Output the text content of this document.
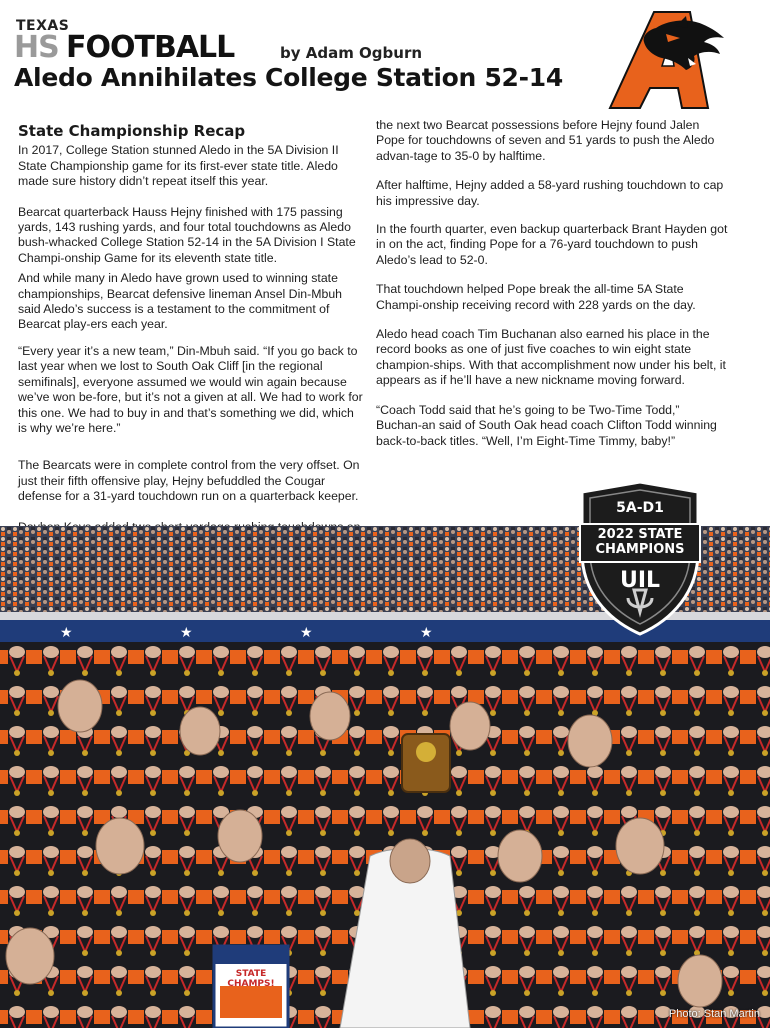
TEXAS
HS FOOTBALL	by Adam Ogburn
Aledo Annihilates College Station 52-14
State Championship Recap

In 2017, College Station stunned Aledo in the 5A Division II State Championship game for its first-ever state title. Aledo made sure history didn’t repeat itself this year.

Bearcat quarterback Hauss Hejny finished with 175 passing yards, 143 rushing yards, and four total touchdowns as Aledo bush-whacked College Station 52-14 in the 5A Division I State Champi-onship Game for its eleventh state title.

And while many in Aledo have grown used to winning state championships, Bearcat defensive lineman Ansel Din-Mbuh said Aledo’s success is a testament to the commitment of Bearcat play-ers each year.

“Every year it’s a new team,” Din-Mbuh said. “If you go back to last year when we lost to South Oak Cliff [in the regional semifinals], everyone assumed we would win again because we’ve won be-fore, but it’s not a given at all. We had to work for this one. We had to buy in and that’s something we did, which is why we’re here.”

The Bearcats were in complete control from the very offset. On just their fifth offensive play, Hejny befuddled the Cougar defense for a 31-yard touchdown run on a quarterback keeper.

the next two Bearcat possessions before Hejny found Jalen Pope for touchdowns of seven and 51 yards to push the Aledo advan-tage to 35-0 by halftime.

After halftime, Hejny added a 58-yard rushing touchdown to cap his impressive day.

In the fourth quarter, even backup quarterback Brant Hayden got in on the act, finding Pope for a 76-yard touchdown to push Aledo’s lead to 52-0.

That touchdown helped Pope break the all-time 5A State Champi-onship receiving record with 228 yards on the day.

Aledo head coach Tim Buchanan also earned his place in the record books as one of just five coaches to win eight state champion-ships. With that accomplishment now under his belt, it appears as if he’ll have a new nickname moving forward.

“Coach Todd said that he’s going to be Two-Time Todd,” Buchan-an said of South Oak head coach Clifton Todd winning back-to-back titles. “Well, I’m Eight-Time Timmy, baby!”

★	★	★	★
STATE CHAMPS!
Photo: Stan Martin
5A-D1
2022 STATE
CHAMPIONS
UIL
